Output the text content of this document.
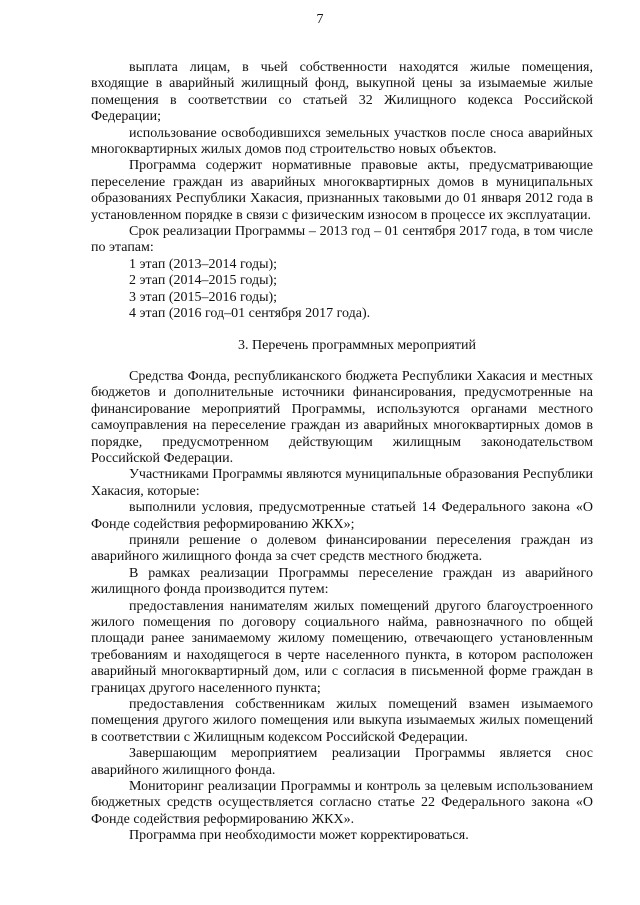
7

выплата лицам, в чьей собственности находятся жилые помещения, входящие в аварийный жилищный фонд, выкупной цены за изымаемые жилые помещения в соответствии со статьей 32 Жилищного кодекса Российской Федерации;

использование освободившихся земельных участков после сноса аварийных многоквартирных жилых домов под строительство новых объектов.

Программа содержит нормативные правовые акты, предусматривающие переселение граждан из аварийных многоквартирных домов в муниципальных образованиях Республики Хакасия, признанных таковыми до 01 января 2012 года в установленном порядке в связи с физическим износом в процессе их эксплуатации.

Срок реализации Программы – 2013 год – 01 сентября 2017 года, в том числе по этапам:

1 этап (2013–2014 годы);

2 этап (2014–2015 годы);

3 этап (2015–2016 годы);

4 этап (2016 год–01 сентября 2017 года).

3. Перечень программных мероприятий

Средства Фонда, республиканского бюджета Республики Хакасия и местных бюджетов и дополнительные источники финансирования, предусмотренные на финансирование мероприятий Программы, используются органами местного самоуправления на переселение граждан из аварийных многоквартирных домов в порядке, предусмотренном действующим жилищным законодательством Российской Федерации.

Участниками Программы являются муниципальные образования Республики Хакасия, которые:

выполнили условия, предусмотренные статьей 14 Федерального закона «О Фонде содействия реформированию ЖКХ»;

приняли решение о долевом финансировании переселения граждан из аварийного жилищного фонда за счет средств местного бюджета.

В рамках реализации Программы переселение граждан из аварийного жилищного фонда производится путем:

предоставления нанимателям жилых помещений другого благоустроенного жилого помещения по договору социального найма, равнозначного по общей площади ранее занимаемому жилому помещению, отвечающего установленным требованиям и находящегося в черте населенного пункта, в котором расположен аварийный многоквартирный дом, или с согласия в письменной форме граждан в границах другого населенного пункта;

предоставления собственникам жилых помещений взамен изымаемого помещения другого жилого помещения или выкупа изымаемых жилых помещений в соответствии с Жилищным кодексом Российской Федерации.

Завершающим мероприятием реализации Программы является снос аварийного жилищного фонда.

Мониторинг реализации Программы и контроль за целевым использованием бюджетных средств осуществляется согласно статье 22 Федерального закона «О Фонде содействия реформированию ЖКХ».

Программа при необходимости может корректироваться.
